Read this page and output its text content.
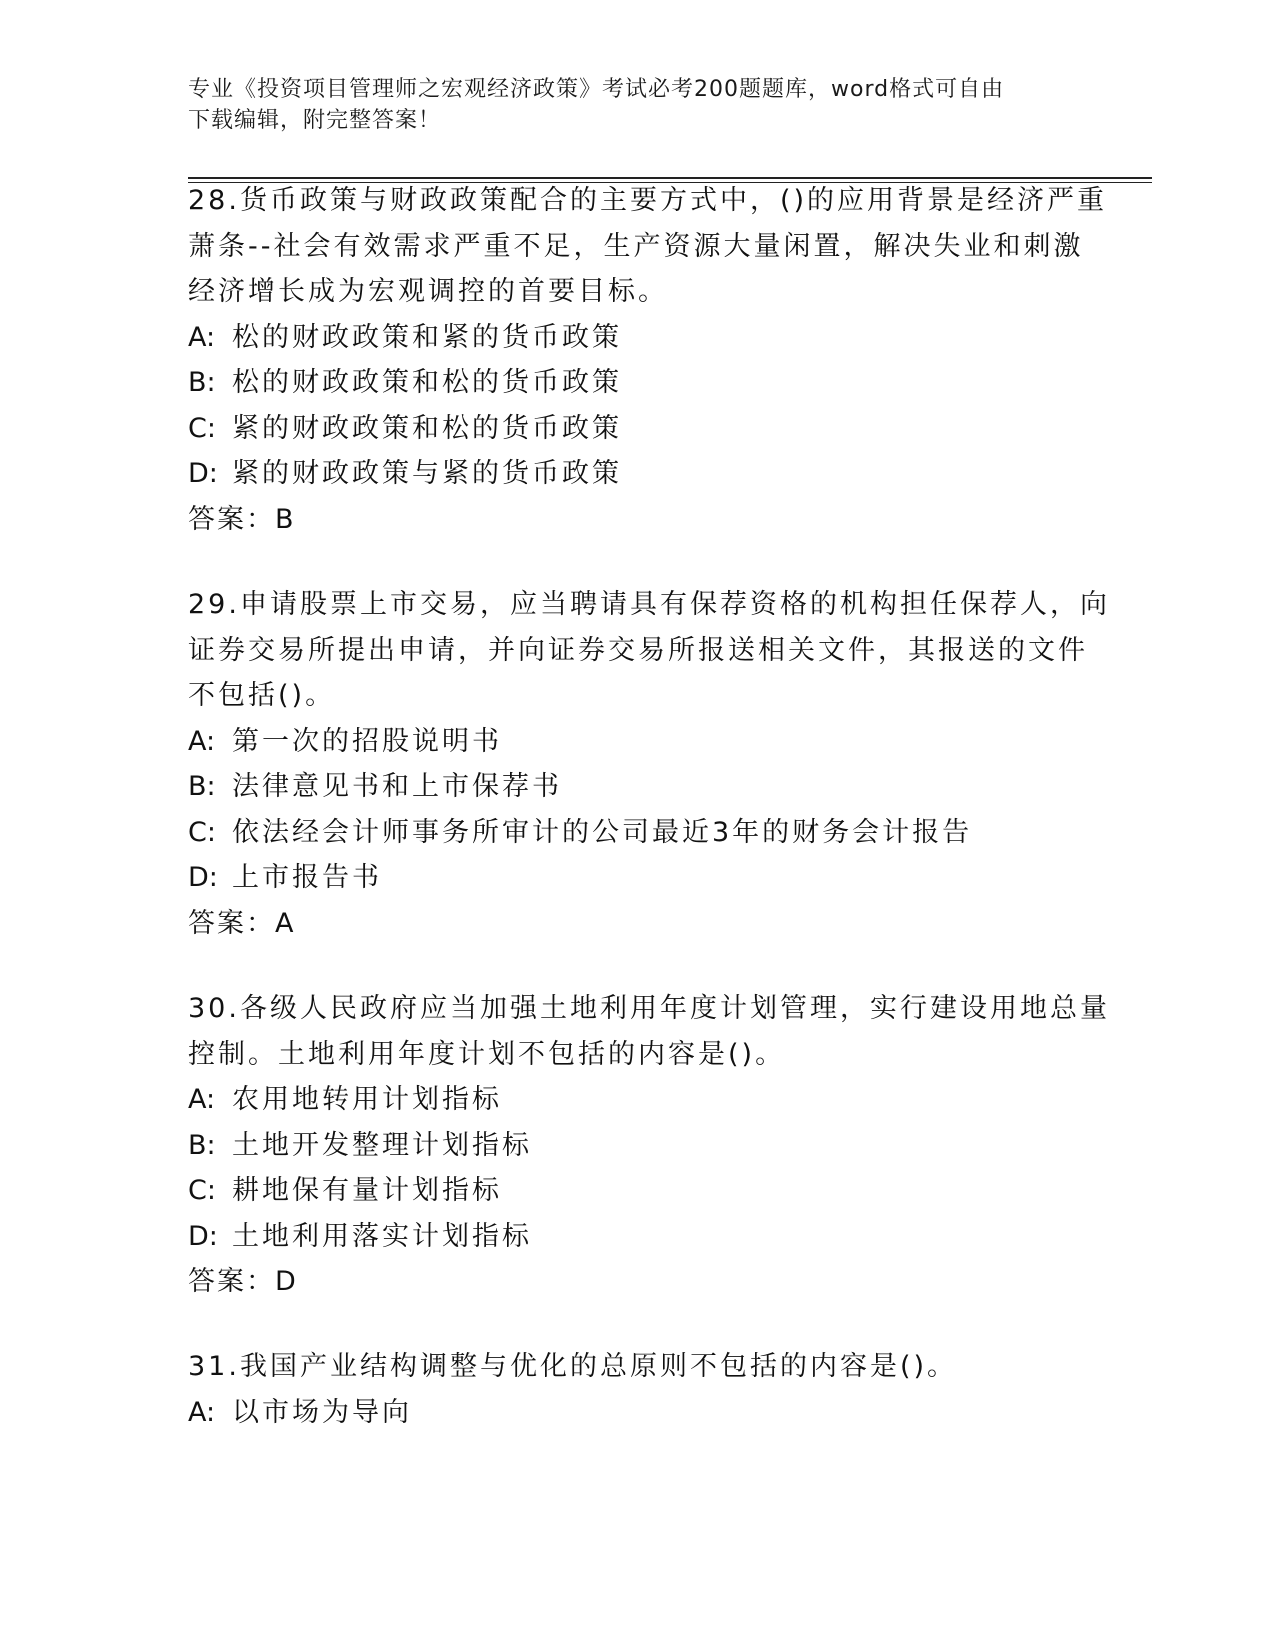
专业《投资项目管理师之宏观经济政策》考试必考200题题库，word格式可自由
下载编辑，附完整答案！
28.货币政策与财政政策配合的主要方式中，()的应用背景是经济严重
萧条--社会有效需求严重不足，生产资源大量闲置，解决失业和刺激
经济增长成为宏观调控的首要目标。
A: 松的财政政策和紧的货币政策
B: 松的财政政策和松的货币政策
C: 紧的财政政策和松的货币政策
D: 紧的财政政策与紧的货币政策
答案：B
29.申请股票上市交易，应当聘请具有保荐资格的机构担任保荐人，向
证券交易所提出申请，并向证券交易所报送相关文件，其报送的文件
不包括()。
A: 第一次的招股说明书
B: 法律意见书和上市保荐书
C: 依法经会计师事务所审计的公司最近3年的财务会计报告
D: 上市报告书
答案：A
30.各级人民政府应当加强土地利用年度计划管理，实行建设用地总量
控制。土地利用年度计划不包括的内容是()。
A: 农用地转用计划指标
B: 土地开发整理计划指标
C: 耕地保有量计划指标
D: 土地利用落实计划指标
答案：D
31.我国产业结构调整与优化的总原则不包括的内容是()。
A: 以市场为导向
